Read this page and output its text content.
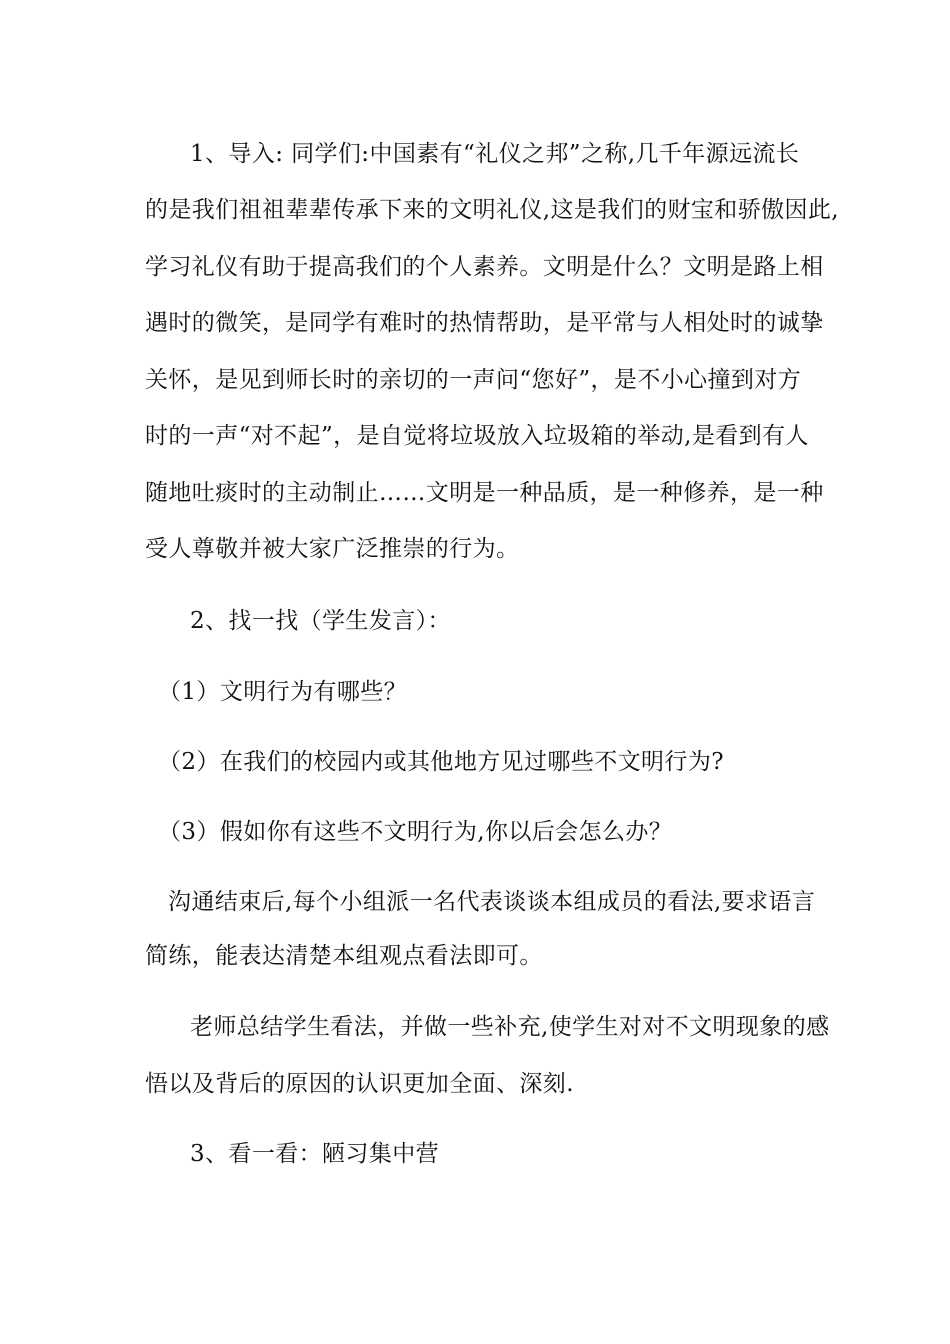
1、导入: 同学们:中国素有“礼仪之邦”之称,几千年源远流长

的是我们祖祖辈辈传承下来的文明礼仪,这是我们的财宝和骄傲因此,

学习礼仪有助于提高我们的个人素养。文明是什么？文明是路上相

遇时的微笑，是同学有难时的热情帮助，是平常与人相处时的诚挚

关怀，是见到师长时的亲切的一声问“您好”，是不小心撞到对方

时的一声“对不起”，是自觉将垃圾放入垃圾箱的举动,是看到有人

随地吐痰时的主动制止……文明是一种品质，是一种修养，是一种

受人尊敬并被大家广泛推崇的行为。

2、找一找（学生发言）：

（1）文明行为有哪些？

（2）在我们的校园内或其他地方见过哪些不文明行为?

（3）假如你有这些不文明行为,你以后会怎么办？

沟通结束后,每个小组派一名代表谈谈本组成员的看法,要求语言

简练，能表达清楚本组观点看法即可。

老师总结学生看法，并做一些补充,使学生对对不文明现象的感

悟以及背后的原因的认识更加全面、深刻.

3、看一看：陋习集中营
